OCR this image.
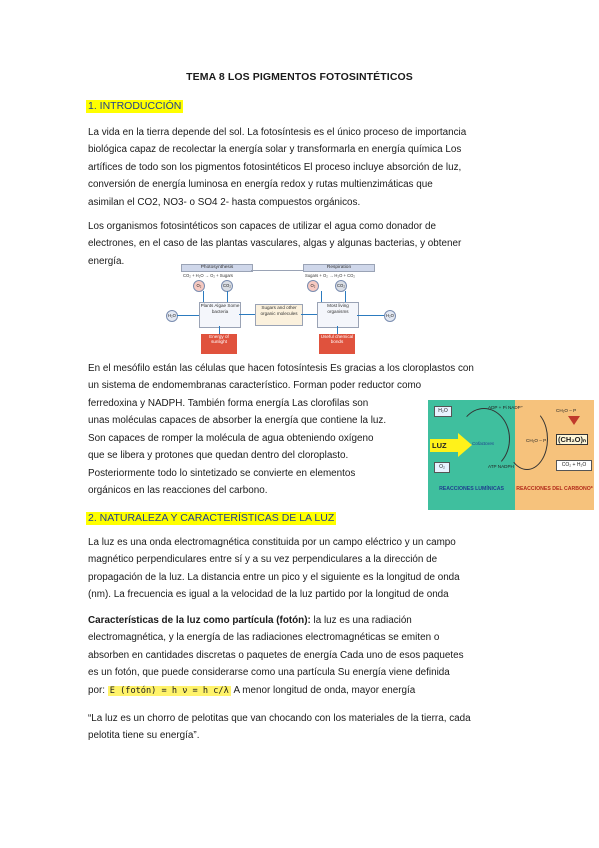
TEMA 8 LOS PIGMENTOS FOTOSINTÉTICOS
1. INTRODUCCIÓN

La vida en la tierra depende del sol. La fotosíntesis es el único proceso de importancia

biológica capaz de recolectar la energía solar y transformarla en energía química Los

artífices de todo son los pigmentos fotosintéticos El proceso incluye absorción de luz,

conversión de energía luminosa en energía redox y rutas multienzimáticas que

asimilan el CO2, NO3- o SO4 2- hasta compuestos orgánicos.

Los organismos fotosintéticos son capaces de utilizar el agua como donador de

electrones, en el caso de las plantas vasculares, algas y algunas bacterias, y obtener

energía.

Photosynthesis
CO₂ + H₂O → O₂ + Sugars
Respiration
Sugars + O₂ → H₂O + CO₂
O₂	CO₂	O₂	CO₂
H₂O	H₂O
Plants Algae Some bacteria
Sugars and other organic molecules
Most living organisms
Energy of sunlight
Useful chemical bonds

En el mesófilo están las células que hacen fotosíntesis Es gracias a los cloroplastos con

un sistema de endomembranas característico. Forman poder reductor como

ferredoxina y NADPH. También forma energía Las clorofilas son

unas moléculas capaces de absorber la energía que contiene la luz.

Son capaces de romper la molécula de agua obteniendo oxígeno

que se libera y protones que quedan dentro del cloroplasto.

Posteriormente todo lo sintetizado se convierte en elementos

orgánicos en las reacciones del carbono.

H₂O
O₂
LUZ	Cofactores
ADP + Pi NADP⁺
ATP NADPH
CH₂O – P
CH₂O – P (CH₂O)ₙ
CO₂ + H₂O
REACCIONES LUMÍNICAS	REACCIONES DEL CARBONO*
2. NATURALEZA Y CARACTERÍSTICAS DE LA LUZ

La luz es una onda electromagnética constituida por un campo eléctrico y un campo

magnético perpendiculares entre sí y a su vez perpendiculares a la dirección de

propagación de la luz. La distancia entre un pico y el siguiente es la longitud de onda

(nm). La frecuencia es igual a la velocidad de la luz partido por la longitud de onda

Características de la luz como partícula (fotón): la luz es una radiación

electromagnética, y la energía de las radiaciones electromagnéticas se emiten o

absorben en cantidades discretas o paquetes de energía Cada uno de esos paquetes

es un fotón, que puede considerarse como una partícula Su energía viene definida

por: E (fotón) = h ν = h c/λ A menor longitud de onda, mayor energía

“La luz es un chorro de pelotitas que van chocando con los materiales de la tierra, cada

pelotita tiene su energía”.
